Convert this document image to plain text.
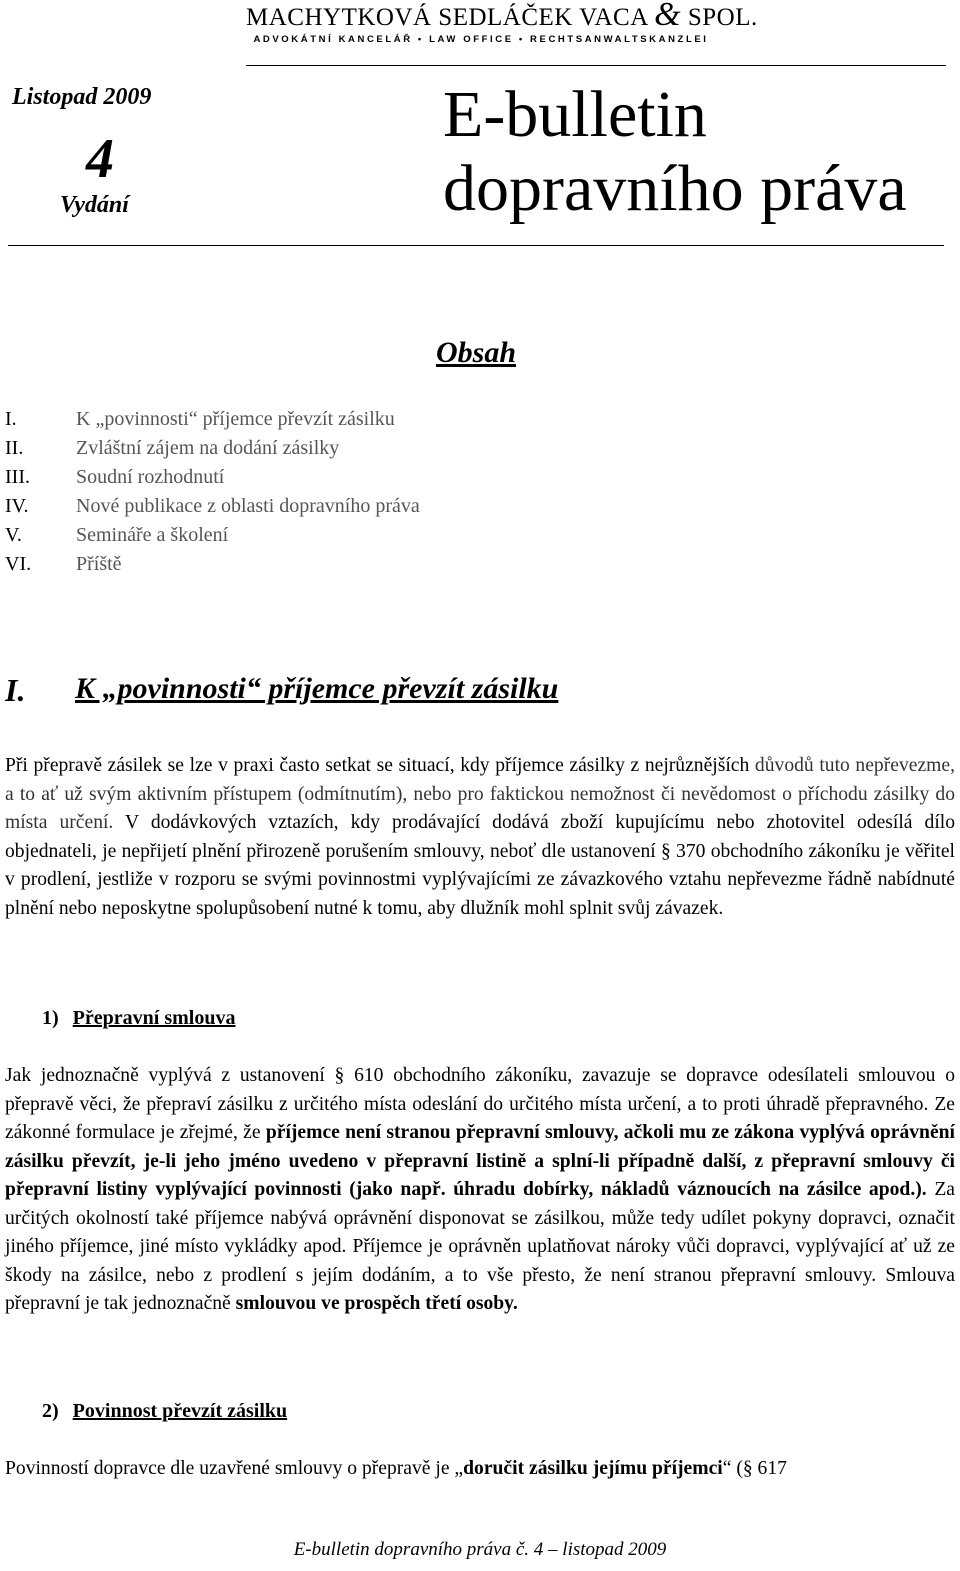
MACHYTKOVÁ SEDLÁČEK VACA & SPOL.
ADVOKÁTNÍ KANCELÁŘ • LAW OFFICE • RECHTSANWALTSKANZLEI
Listopad 2009
4
Vydání
E-bulletin
dopravního práva
Obsah
I.	K „povinnosti“ příjemce převzít zásilku
II.	Zvláštní zájem na dodání zásilky
III.	Soudní rozhodnutí
IV.	Nové publikace z oblasti dopravního práva
V.	Semináře a školení
VI.	Příště
I. K „povinnosti“ příjemce převzít zásilku

Při přepravě zásilek se lze v praxi často setkat se situací, kdy příjemce zásilky z nejrůznějších důvodů tuto nepřevezme, a to ať už svým aktivním přístupem (odmítnutím), nebo pro faktickou nemožnost či nevědomost o příchodu zásilky do místa určení. V dodávkových vztazích, kdy prodávající dodává zboží kupujícímu nebo zhotovitel odesílá dílo objednateli, je nepřijetí plnění přirozeně porušením smlouvy, neboť dle ustanovení § 370 obchodního zákoníku je věřitel v prodlení, jestliže v rozporu se svými povinnostmi vyplývajícími ze závazkového vztahu nepřevezme řádně nabídnuté plnění nebo neposkytne spolupůsobení nutné k tomu, aby dlužník mohl splnit svůj závazek.

1) Přepravní smlouva

Jak jednoznačně vyplývá z ustanovení § 610 obchodního zákoníku, zavazuje se dopravce odesílateli smlouvou o přepravě věci, že přepraví zásilku z určitého místa odeslání do určitého místa určení, a to proti úhradě přepravného. Ze zákonné formulace je zřejmé, že příjemce není stranou přepravní smlouvy, ačkoli mu ze zákona vyplývá oprávnění zásilku převzít, je-li jeho jméno uvedeno v přepravní listině a splní-li případně další, z přepravní smlouvy či přepravní listiny vyplývající povinnosti (jako např. úhradu dobírky, nákladů váznoucích na zásilce apod.). Za určitých okolností také příjemce nabývá oprávnění disponovat se zásilkou, může tedy udílet pokyny dopravci, označit jiného příjemce, jiné místo vykládky apod. Příjemce je oprávněn uplatňovat nároky vůči dopravci, vyplývající ať už ze škody na zásilce, nebo z prodlení s jejím dodáním, a to vše přesto, že není stranou přepravní smlouvy. Smlouva přepravní je tak jednoznačně smlouvou ve prospěch třetí osoby.

2) Povinnost převzít zásilku

Povinností dopravce dle uzavřené smlouvy o přepravě je „doručit zásilku jejímu příjemci“ (§ 617

E-bulletin dopravního práva č. 4 – listopad 2009
